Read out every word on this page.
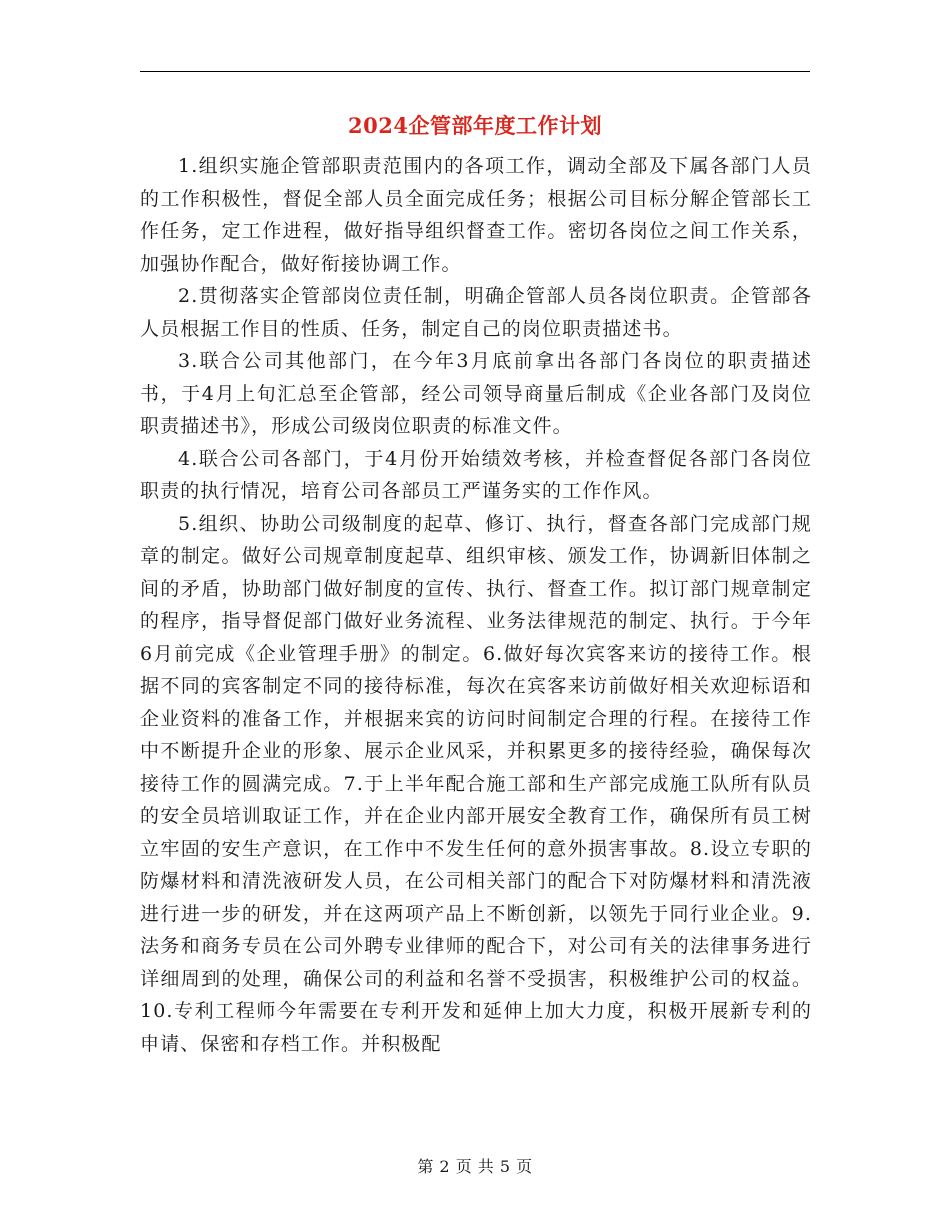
2024企管部年度工作计划

1.组织实施企管部职责范围内的各项工作，调动全部及下属各部门人员的工作积极性，督促全部人员全面完成任务；根据公司目标分解企管部长工作任务，定工作进程，做好指导组织督查工作。密切各岗位之间工作关系，加强协作配合，做好衔接协调工作。

2.贯彻落实企管部岗位责任制，明确企管部人员各岗位职责。企管部各人员根据工作目的性质、任务，制定自己的岗位职责描述书。

3.联合公司其他部门，在今年3月底前拿出各部门各岗位的职责描述书，于4月上旬汇总至企管部，经公司领导商量后制成《企业各部门及岗位职责描述书》，形成公司级岗位职责的标准文件。

4.联合公司各部门，于4月份开始绩效考核，并检查督促各部门各岗位职责的执行情况，培育公司各部员工严谨务实的工作作风。

5.组织、协助公司级制度的起草、修订、执行，督查各部门完成部门规章的制定。做好公司规章制度起草、组织审核、颁发工作，协调新旧体制之间的矛盾，协助部门做好制度的宣传、执行、督查工作。拟订部门规章制定的程序，指导督促部门做好业务流程、业务法律规范的制定、执行。于今年6月前完成《企业管理手册》的制定。6.做好每次宾客来访的接待工作。根据不同的宾客制定不同的接待标准，每次在宾客来访前做好相关欢迎标语和企业资料的准备工作，并根据来宾的访问时间制定合理的行程。在接待工作中不断提升企业的形象、展示企业风采，并积累更多的接待经验，确保每次接待工作的圆满完成。7.于上半年配合施工部和生产部完成施工队所有队员的安全员培训取证工作，并在企业内部开展安全教育工作，确保所有员工树立牢固的安生产意识，在工作中不发生任何的意外损害事故。8.设立专职的防爆材料和清洗液研发人员，在公司相关部门的配合下对防爆材料和清洗液进行进一步的研发，并在这两项产品上不断创新，以领先于同行业企业。9.法务和商务专员在公司外聘专业律师的配合下，对公司有关的法律事务进行详细周到的处理，确保公司的利益和名誉不受损害，积极维护公司的权益。10.专利工程师今年需要在专利开发和延伸上加大力度，积极开展新专利的申请、保密和存档工作。并积极配

第 2 页 共 5 页
